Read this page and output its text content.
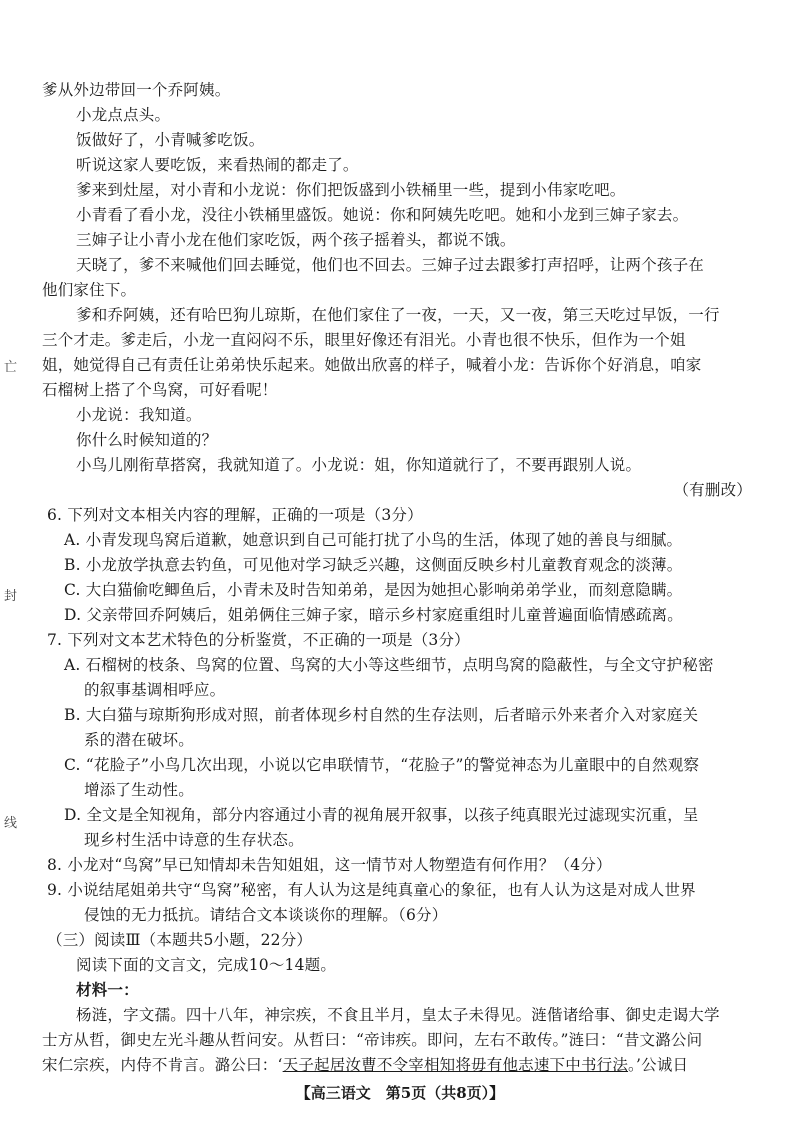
爹从外边带回一个乔阿姨。
小龙点点头。
饭做好了，小青喊爹吃饭。
听说这家人要吃饭，来看热闹的都走了。
爹来到灶屋，对小青和小龙说：你们把饭盛到小铁桶里一些，提到小伟家吃吧。
小青看了看小龙，没往小铁桶里盛饭。她说：你和阿姨先吃吧。她和小龙到三婶子家去。
三婶子让小青小龙在他们家吃饭，两个孩子摇着头，都说不饿。
天晓了，爹不来喊他们回去睡觉，他们也不回去。三婶子过去跟爹打声招呼，让两个孩子在
他们家住下。
爹和乔阿姨，还有哈巴狗儿琼斯，在他们家住了一夜，一天，又一夜，第三天吃过早饭，一行
三个才走。爹走后，小龙一直闷闷不乐，眼里好像还有泪光。小青也很不快乐，但作为一个姐
姐，她觉得自己有责任让弟弟快乐起来。她做出欣喜的样子，喊着小龙：告诉你个好消息，咱家
石榴树上搭了个鸟窝，可好看呢！
小龙说：我知道。
你什么时候知道的？
小鸟儿刚衔草搭窝，我就知道了。小龙说：姐，你知道就行了，不要再跟别人说。
（有删改）
6. 下列对文本相关内容的理解，正确的一项是（3分）
A. 小青发现鸟窝后道歉，她意识到自己可能打扰了小鸟的生活，体现了她的善良与细腻。
B. 小龙放学执意去钓鱼，可见他对学习缺乏兴趣，这侧面反映乡村儿童教育观念的淡薄。
C. 大白猫偷吃鲫鱼后，小青未及时告知弟弟，是因为她担心影响弟弟学业，而刻意隐瞒。
D. 父亲带回乔阿姨后，姐弟俩住三婶子家，暗示乡村家庭重组时儿童普遍面临情感疏离。
7. 下列对文本艺术特色的分析鉴赏，不正确的一项是（3分）
A. 石榴树的枝条、鸟窝的位置、鸟窝的大小等这些细节，点明鸟窝的隐蔽性，与全文守护秘密
的叙事基调相呼应。
B. 大白猫与琼斯狗形成对照，前者体现乡村自然的生存法则，后者暗示外来者介入对家庭关
系的潜在破坏。
C. “花脸子”小鸟几次出现，小说以它串联情节，“花脸子”的警觉神态为儿童眼中的自然观察
增添了生动性。
D. 全文是全知视角，部分内容通过小青的视角展开叙事，以孩子纯真眼光过滤现实沉重，呈
现乡村生活中诗意的生存状态。
8. 小龙对“鸟窝”早已知情却未告知姐姐，这一情节对人物塑造有何作用？（4分）
9. 小说结尾姐弟共守“鸟窝”秘密，有人认为这是纯真童心的象征，也有人认为这是对成人世界
侵蚀的无力抵抗。请结合文本谈谈你的理解。（6分）
（三）阅读Ⅲ（本题共5小题，22分）
阅读下面的文言文，完成10～14题。
材料一：
杨涟，字文孺。四十八年，神宗疾，不食且半月，皇太子未得见。涟偕诸给事、御史走谒大学
士方从哲，御史左光斗趣从哲问安。从哲曰：“帝讳疾。即问，左右不敢传。”涟曰：“昔文潞公问
宋仁宗疾，内侍不肯言。潞公曰：‘天子起居汝曹不令宰相知将毋有他志速下中书行法。’公诚日
【高三语文　第5页（共8页）】
亡
封
线
